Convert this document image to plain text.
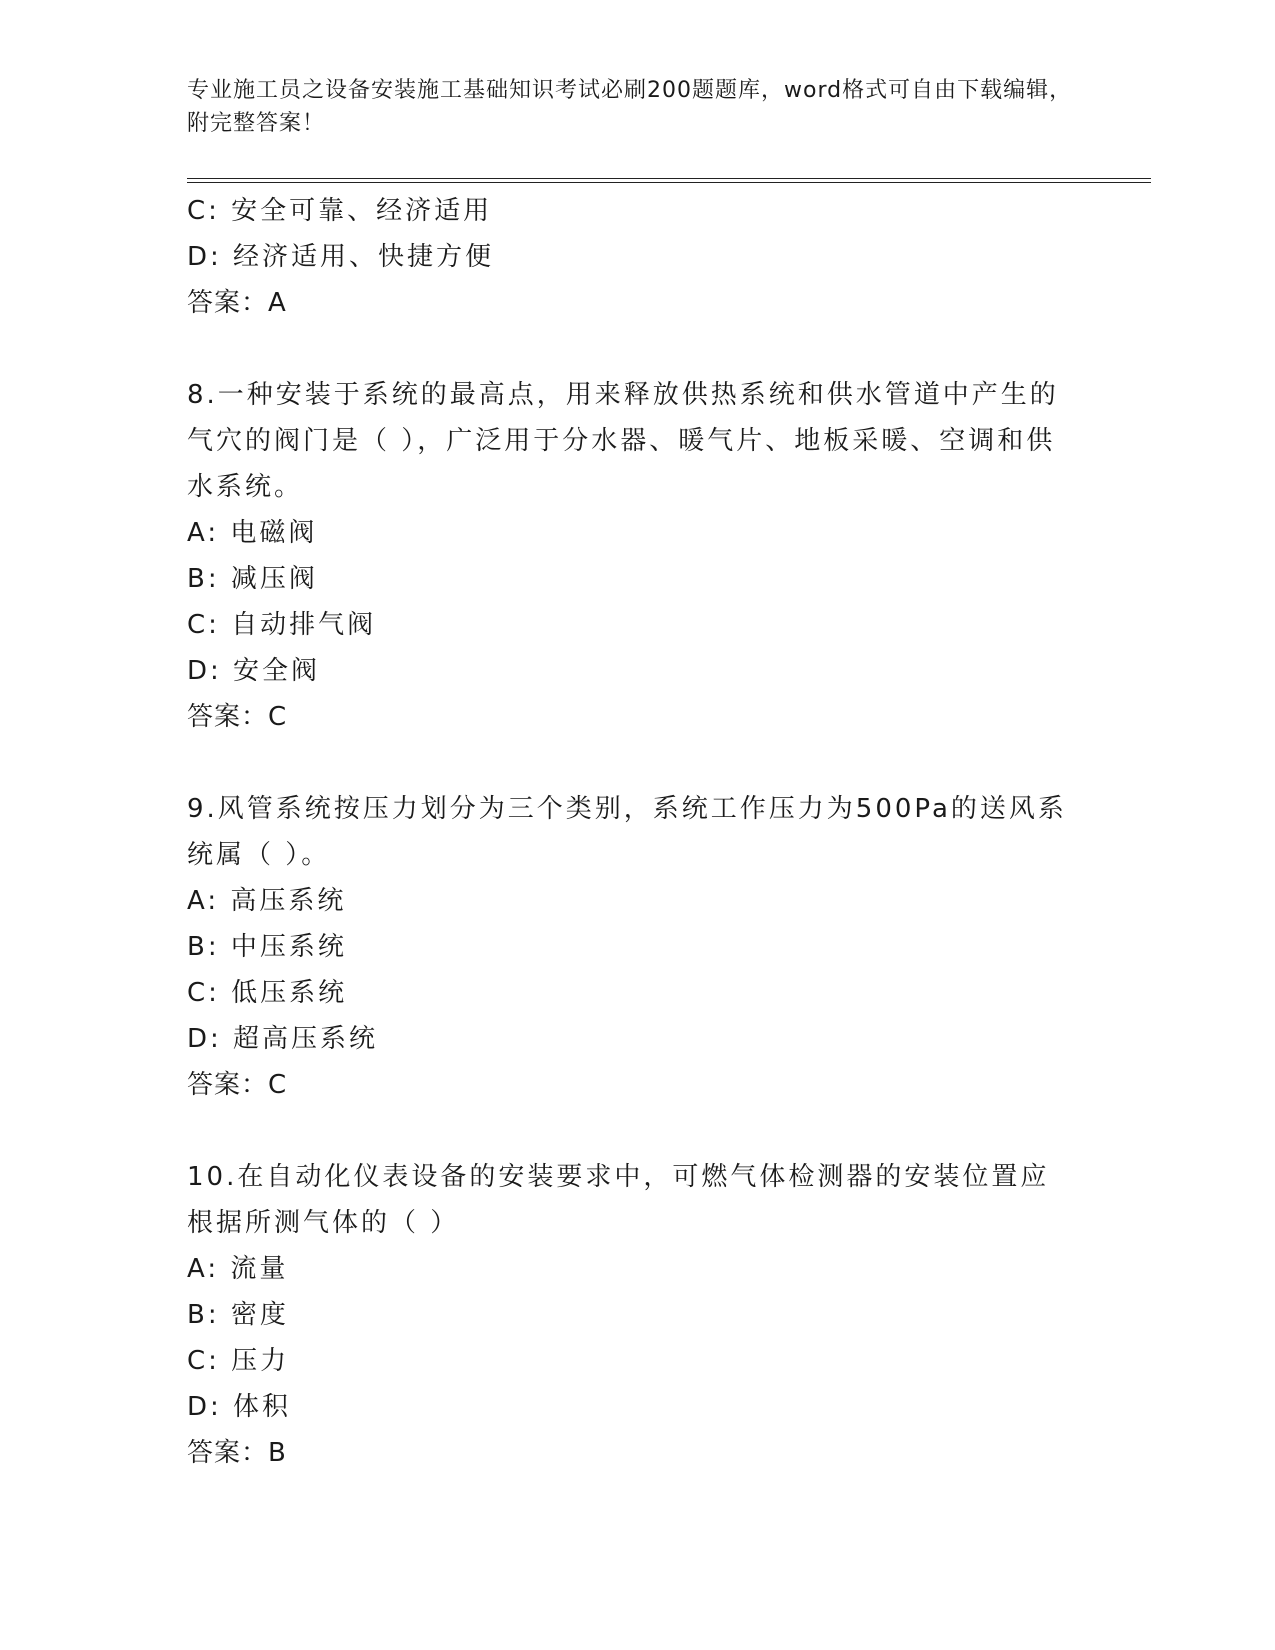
专业施工员之设备安装施工基础知识考试必刷200题题库，word格式可自由下载编辑，附完整答案！
C: 安全可靠、经济适用
D: 经济适用、快捷方便
答案：A
8.一种安装于系统的最高点，用来释放供热系统和供水管道中产生的气穴的阀门是（ ），广泛用于分水器、暖气片、地板采暖、空调和供水系统。
A: 电磁阀
B: 减压阀
C: 自动排气阀
D: 安全阀
答案：C
9.风管系统按压力划分为三个类别，系统工作压力为500Pa的送风系统属（ ）。
A: 高压系统
B: 中压系统
C: 低压系统
D: 超高压系统
答案：C
10.在自动化仪表设备的安装要求中，可燃气体检测器的安装位置应根据所测气体的（ ）
A: 流量
B: 密度
C: 压力
D: 体积
答案：B
